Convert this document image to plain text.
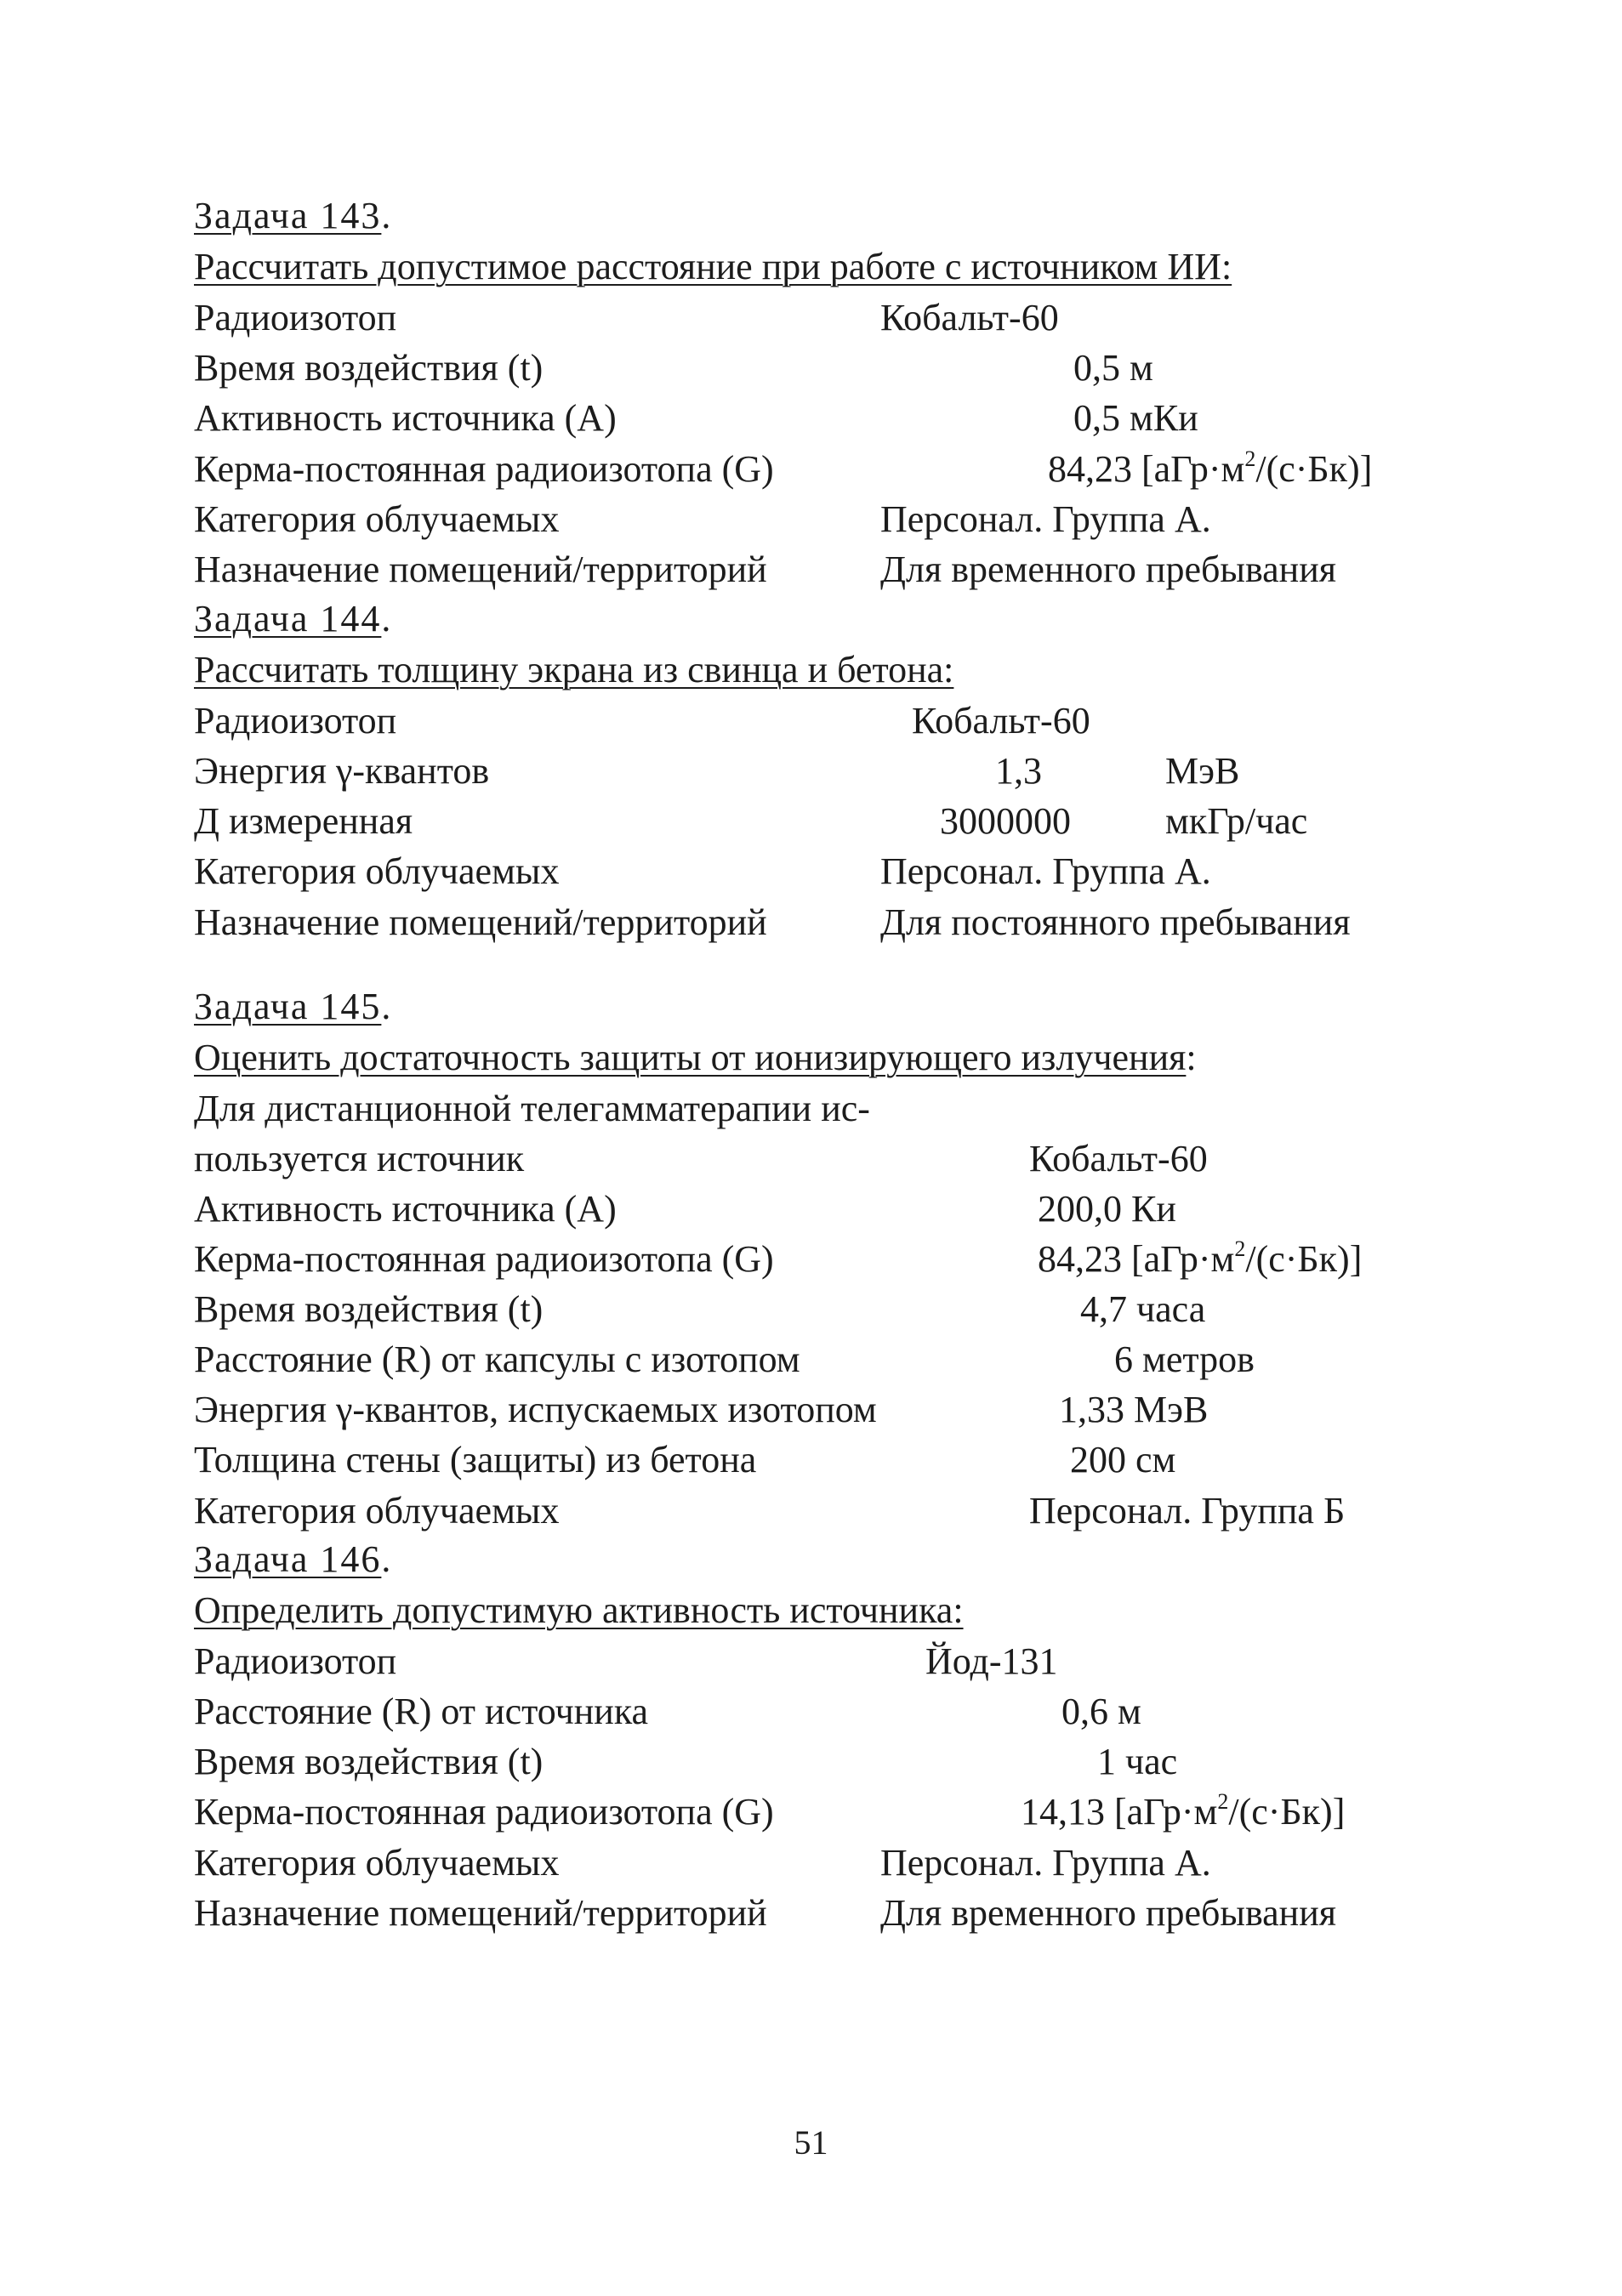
Задача 143.
Рассчитать допустимое расстояние при работе с источником ИИ:
Радиоизотоп	Кобальт-60
Время воздействия (t)	0,5 м
Активность источника (А)	0,5 мКи
Керма-постоянная радиоизотопа (G)	84,23 $[аГр\cdot м^2/(с\cdot Бк)]$
Категория облучаемых	Персонал. Группа А.
Назначение помещений/территорий	Для временного пребывания
Задача 144.
Рассчитать толщину экрана из свинца и бетона:
Радиоизотоп	Кобальт-60
Энергия γ-квантов	1,3	МэВ
Д измеренная	3000000	мкГр/час
Категория облучаемых	Персонал. Группа А.
Назначение помещений/территорий	Для постоянного пребывания
Задача 145.
Оценить достаточность защиты от ионизирующего излучения:
Для дистанционной телегамматерапии ис-
пользуется источник	Кобальт-60
Активность источника (А)	200,0 Ки
Керма-постоянная радиоизотопа (G)	84,23 $[аГр\cdot м^2/(с\cdot Бк)]$
Время воздействия (t)	4,7 часа
Расстояние (R) от капсулы с изотопом	6 метров
Энергия γ-квантов, испускаемых изотопом	1,33 МэВ
Толщина стены (защиты) из бетона	200 см
Категория облучаемых	Персонал. Группа Б
Задача 146.
Определить допустимую активность источника:
Радиоизотоп	Йод-131
Расстояние (R) от источника	0,6 м
Время воздействия (t)	1 час
Керма-постоянная радиоизотопа (G)	14,13 $[аГр\cdot м^2/(с\cdot Бк)]$
Категория облучаемых	Персонал. Группа А.
Назначение помещений/территорий	Для временного пребывания
51
